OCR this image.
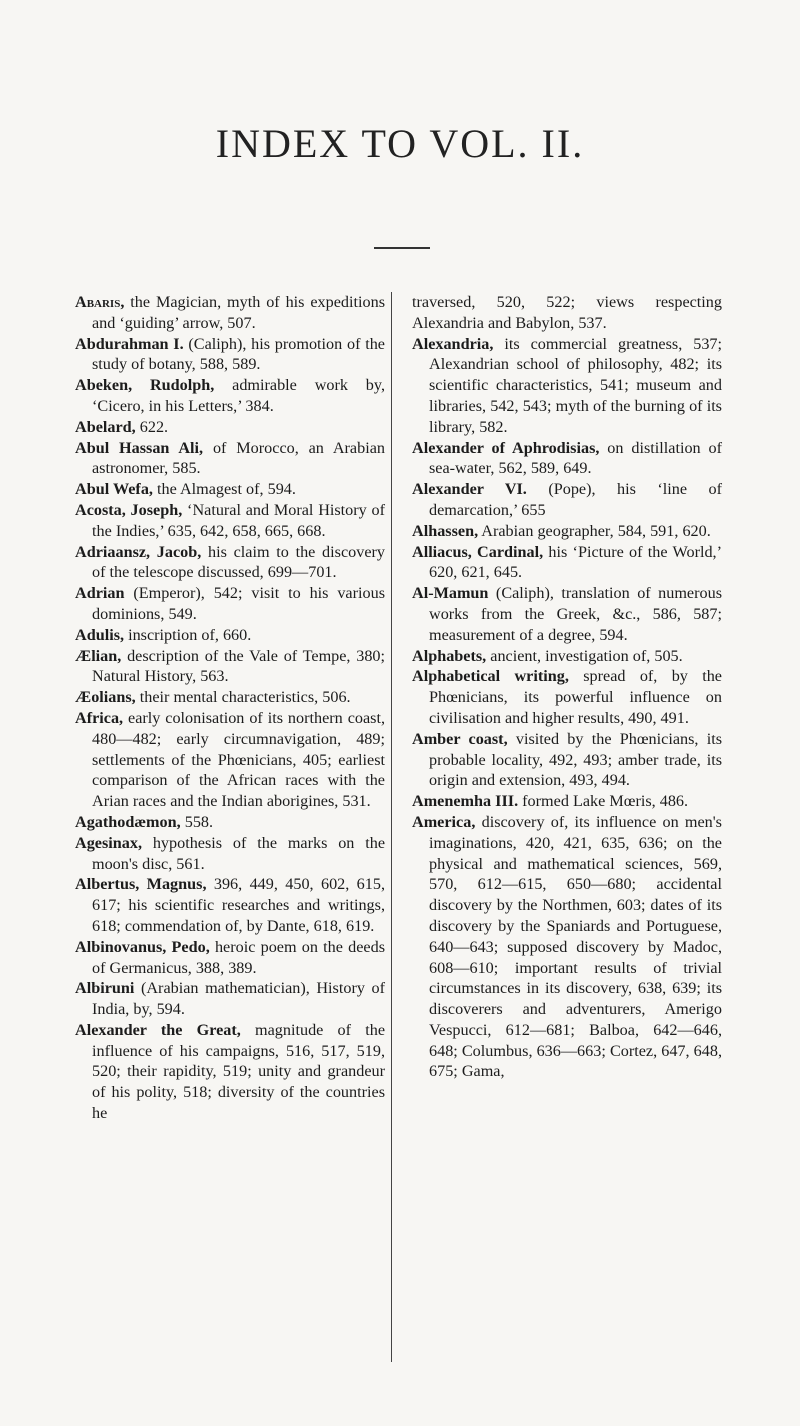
INDEX TO VOL. II.

Abaris, the Magician, myth of his expeditions and ‘guiding’ arrow, 507.

Abdurahman I. (Caliph), his promotion of the study of botany, 588, 589.

Abeken, Rudolph, admirable work by, ‘Cicero, in his Letters,’ 384.

Abelard, 622.

Abul Hassan Ali, of Morocco, an Arabian astronomer, 585.

Abul Wefa, the Almagest of, 594.

Acosta, Joseph, ‘Natural and Moral History of the Indies,’ 635, 642, 658, 665, 668.

Adriaansz, Jacob, his claim to the discovery of the telescope discussed, 699—701.

Adrian (Emperor), 542; visit to his various dominions, 549.

Adulis, inscription of, 660.

Ælian, description of the Vale of Tempe, 380; Natural History, 563.

Æolians, their mental characteristics, 506.

Africa, early colonisation of its northern coast, 480—482; early circumnavigation, 489; settlements of the Phœnicians, 405; earliest comparison of the African races with the Arian races and the Indian aborigines, 531.

Agathodæmon, 558.

Agesinax, hypothesis of the marks on the moon's disc, 561.

Albertus, Magnus, 396, 449, 450, 602, 615, 617; his scientific researches and writings, 618; commendation of, by Dante, 618, 619.

Albinovanus, Pedo, heroic poem on the deeds of Germanicus, 388, 389.

Albiruni (Arabian mathematician), History of India, by, 594.

Alexander the Great, magnitude of the influence of his campaigns, 516, 517, 519, 520; their rapidity, 519; unity and grandeur of his polity, 518; diversity of the countries he

traversed, 520, 522; views respecting Alexandria and Babylon, 537.

Alexandria, its commercial greatness, 537; Alexandrian school of philosophy, 482; its scientific characteristics, 541; museum and libraries, 542, 543; myth of the burning of its library, 582.

Alexander of Aphrodisias, on distillation of sea-water, 562, 589, 649.

Alexander VI. (Pope), his ‘line of demarcation,’ 655

Alhassen, Arabian geographer, 584, 591, 620.

Alliacus, Cardinal, his ‘Picture of the World,’ 620, 621, 645.

Al-Mamun (Caliph), translation of numerous works from the Greek, &c., 586, 587; measurement of a degree, 594.

Alphabets, ancient, investigation of, 505.

Alphabetical writing, spread of, by the Phœnicians, its powerful influence on civilisation and higher results, 490, 491.

Amber coast, visited by the Phœnicians, its probable locality, 492, 493; amber trade, its origin and extension, 493, 494.

Amenemha III. formed Lake Mœris, 486.

America, discovery of, its influence on men's imaginations, 420, 421, 635, 636; on the physical and mathematical sciences, 569, 570, 612—615, 650—680; accidental discovery by the Northmen, 603; dates of its discovery by the Spaniards and Portuguese, 640—643; supposed discovery by Madoc, 608—610; important results of trivial circumstances in its discovery, 638, 639; its discoverers and adventurers, Amerigo Vespucci, 612—681; Balboa, 642—646, 648; Columbus, 636—663; Cortez, 647, 648, 675; Gama,
